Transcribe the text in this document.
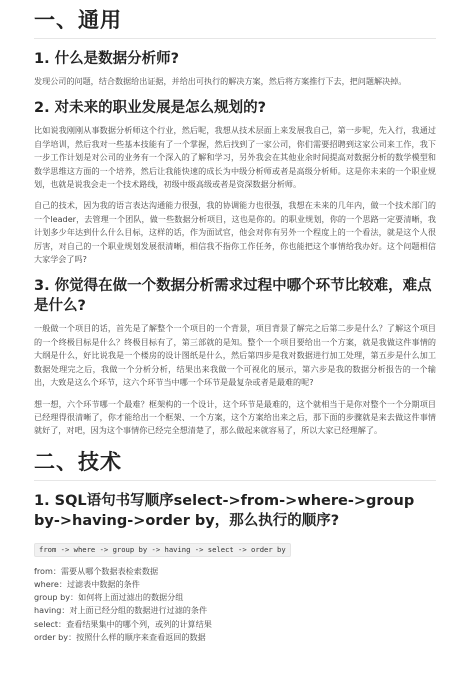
一、通用
1. 什么是数据分析师?

发现公司的问题，结合数据给出证据，并给出可执行的解决方案，然后将方案推行下去，把问题解决掉。

2. 对未来的职业发展是怎么规划的?

比如说我刚刚从事数据分析师这个行业，然后呢，我想从技术层面上来发展我自己，第一步呢，先入行，我通过自学培训，然后我对一些基本技能有了一个掌握，然后找到了一家公司，你们需要招聘到这家公司来工作，我下一步工作计划是对公司的业务有一个深入的了解和学习，另外我会在其他业余时间提高对数据分析的数学模型和数学思维这方面的一个培养，然后让我能快速的成长为中级分析师或者是高级分析师。这是你未来的一个职业规划，也就是说我会走一个技术路线，初级中级高级或者是资深数据分析师。

自己的技术，因为我的语言表达沟通能力很强，我的协调能力也很强，我想在未来的几年内，做一个技术部门的一个leader，去管理一个团队，做一些数据分析项目，这也是你的。的职业规划，你的一个思路一定要清晰，我计划多少年达到什么什么目标，这样的话，作为面试官，他会对你有另外一个程度上的一个看法，就是这个人很厉害，对自己的一个职业规划发展很清晰，相信我不指你工作任务，你也能把这个事情给我办好。这个问题相信大家学会了吗?

3. 你觉得在做一个数据分析需求过程中哪个环节比较难，难点是什么?

一般做一个项目的话，首先是了解整个一个项目的一个背景，项目背景了解完之后第二步是什么？了解这个项目的一个终极目标是什么？终极目标有了，第三部就的是知。整个一个项目要给出一个方案，就是我做这件事情的大纲是什么，好比说我是一个楼房的设计图纸是什么，然后第四步是我对数据进行加工处理，第五步是什么加工数据处理完之后，我做一个分析分析，结果出来我做一个可视化的展示，第六步是我的数据分析报告的一个输出，大致是这么个环节，这六个环节当中哪一个环节是最复杂或者是最难的呢?

想一想，六个环节哪一个最难？框架构的一个设计，这个环节是最难的，这个就相当于是你对整个一个分期项目已经理得很清晰了，你才能给出一个框架、一个方案，这个方案给出来之后，那下面的步骤就是来去做这件事情就好了，对吧，因为这个事情你已经完全想清楚了，那么做起来就容易了，所以大家已经理解了。

二、技术
1. SQL语句书写顺序select->from->where->group by->having->order by，那么执行的顺序?
from -> where -> group by -> having -> select -> order by
from：需要从哪个数据表检索数据
where：过滤表中数据的条件
group by：如何将上面过滤出的数据分组
having：对上面已经分组的数据进行过滤的条件
select：查看结果集中的哪个列，或列的计算结果
order by：按照什么样的顺序来查看返回的数据
